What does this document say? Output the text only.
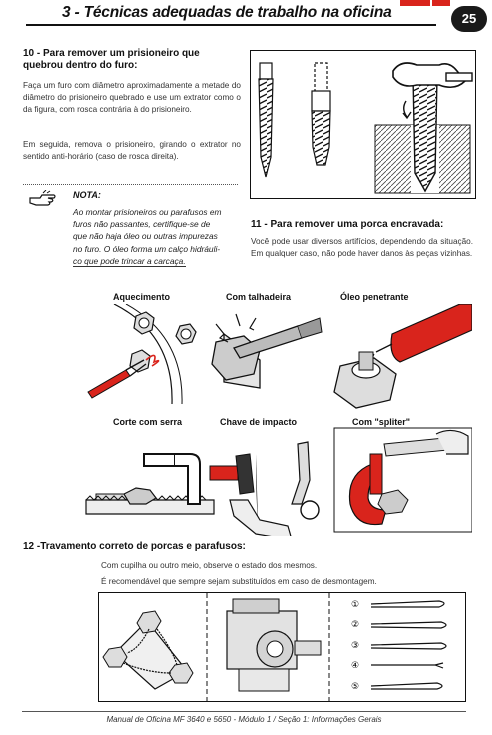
3 - Técnicas adequadas de trabalho na oficina	25
10 - Para remover um prisioneiro que quebrou dentro do furo:
Faça um furo com diâmetro aproximadamente a metade do diâmetro do prisioneiro quebrado e use um extrator como o da figura, com rosca contrária à do prisioneiro.
Em seguida, remova o prisioneiro, girando o extrator no sentido anti-horário (caso de rosca direita).
NOTA:
Ao montar prisioneiros ou parafusos em
furos não passantes, certifique-se de
que não haja óleo ou outras impurezas
no furo. O óleo forma um calço hidráuli-
co que pode trincar a carcaça.
11 - Para remover uma porca encravada:
Você pode usar diversos artifícios, dependendo da situação. Em qualquer caso, não pode haver danos às peças vizinhas.
Aquecimento	Com talhadeira	Óleo penetrante
Corte com serra	Chave de impacto	Com "spliter"
12 -Travamento correto de porcas e parafusos:
Com cupilha ou outro meio, observe o estado dos mesmos.
É recomendável que sempre sejam substituídos em caso de desmontagem.
①
②
③
④
⑤
Manual de Oficina MF 3640 e 5650 - Módulo 1 / Seção 1: Informações Gerais
